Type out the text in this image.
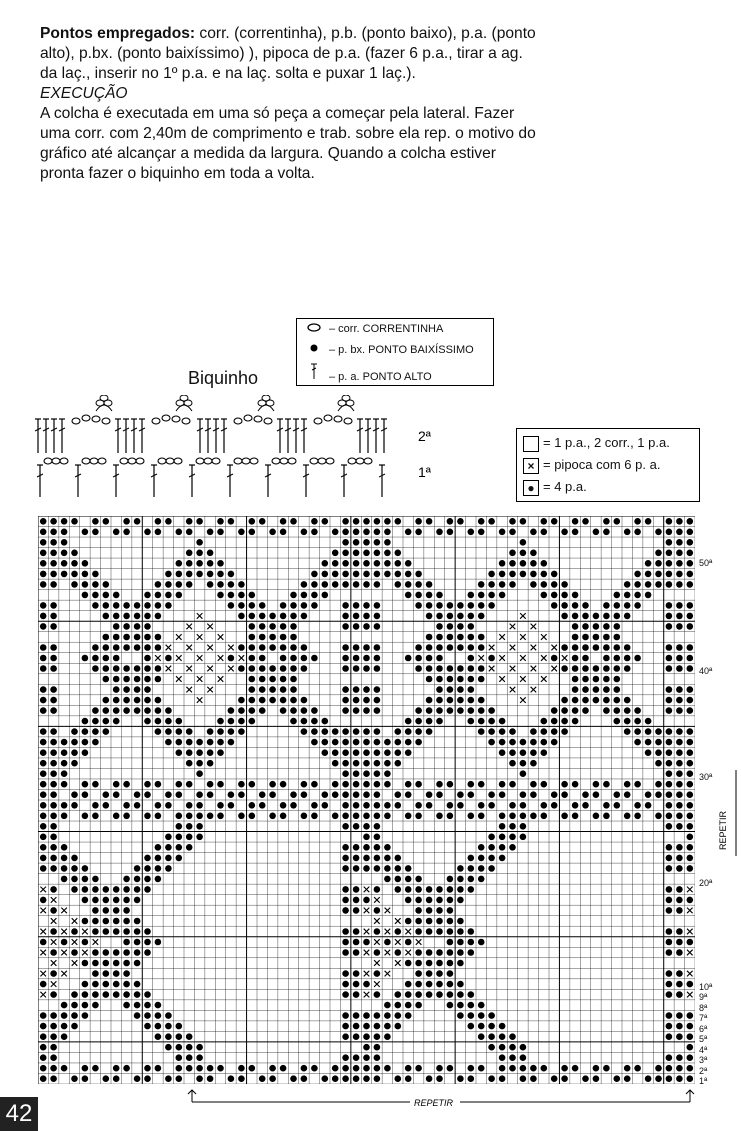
Pontos empregados: corr. (correntinha), p.b. (ponto baixo), p.a. (ponto alto), p.bx. (ponto baixíssimo) ), pipoca de p.a. (fazer 6 p.a., tirar a ag. da laç., inserir no 1º p.a. e na laç. solta e puxar 1 laç.).

EXECUÇÃO

A colcha é executada em uma só peça a começar pela lateral. Fazer uma corr. com 2,40m de comprimento e trab. sobre ela rep. o motivo do gráfico até alcançar a medida da largura. Quando a colcha estiver pronta fazer o biquinho em toda a volta.

– corr. CORRENTINHA
– p. bx. PONTO BAIXÍSSIMO
– p. a. PONTO ALTO
Biquinho
2ª
1ª
= 1 p.a., 2 corr., 1 p.a.
× = pipoca com 6 p. a.
● = 4 p.a.
50ª
40ª
30ª
20ª
10ª
9ª
8ª
7ª
6ª
5ª
4ª
3ª
2ª
1ª
REPETIR
REPETIR
42
